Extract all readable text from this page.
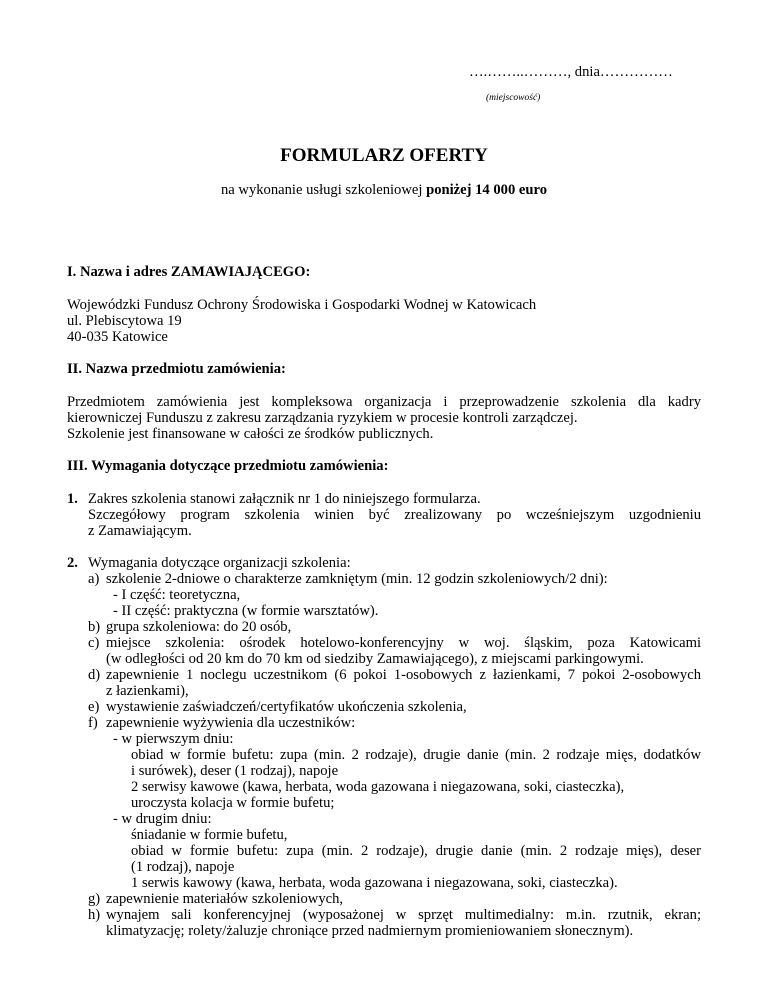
….……..………, dnia……………
(miejscowość)
FORMULARZ OFERTY
na wykonanie usługi szkoleniowej poniżej 14 000 euro
I. Nazwa i adres ZAMAWIAJĄCEGO:
Wojewódzki Fundusz Ochrony Środowiska i Gospodarki Wodnej w Katowicach
ul. Plebiscytowa 19
40-035 Katowice
II. Nazwa przedmiotu zamówienia:
Przedmiotem zamówienia jest kompleksowa organizacja i przeprowadzenie szkolenia dla kadry
kierowniczej Funduszu z zakresu zarządzania ryzykiem w procesie kontroli zarządczej.
Szkolenie jest finansowane w całości ze środków publicznych.
III. Wymagania dotyczące przedmiotu zamówienia:
1. Zakres szkolenia stanowi załącznik nr 1 do niniejszego formularza.
Szczegółowy program szkolenia winien być zrealizowany po wcześniejszym uzgodnieniu
z Zamawiającym.
2. Wymagania dotyczące organizacji szkolenia:
a) szkolenie 2-dniowe o charakterze zamkniętym (min. 12 godzin szkoleniowych/2 dni):
- I część: teoretyczna,
- II część: praktyczna (w formie warsztatów).
b) grupa szkoleniowa: do 20 osób,
c) miejsce szkolenia: ośrodek hotelowo-konferencyjny w woj. śląskim, poza Katowicami
(w odległości od 20 km do 70 km od siedziby Zamawiającego), z miejscami parkingowymi.
d) zapewnienie 1 noclegu uczestnikom (6 pokoi 1-osobowych z łazienkami, 7 pokoi 2-osobowych
z łazienkami),
e) wystawienie zaświadczeń/certyfikatów ukończenia szkolenia,
f) zapewnienie wyżywienia dla uczestników:
- w pierwszym dniu:
obiad w formie bufetu: zupa (min. 2 rodzaje), drugie danie (min. 2 rodzaje mięs, dodatków
i surówek), deser (1 rodzaj), napoje
2 serwisy kawowe (kawa, herbata, woda gazowana i niegazowana, soki, ciasteczka),
uroczysta kolacja w formie bufetu;
- w drugim dniu:
śniadanie w formie bufetu,
obiad w formie bufetu: zupa (min. 2 rodzaje), drugie danie (min. 2 rodzaje mięs), deser
(1 rodzaj), napoje
1 serwis kawowy (kawa, herbata, woda gazowana i niegazowana, soki, ciasteczka).
g) zapewnienie materiałów szkoleniowych,
h) wynajem sali konferencyjnej (wyposażonej w sprzęt multimedialny: m.in. rzutnik, ekran;
klimatyzację; rolety/żaluzje chroniące przed nadmiernym promieniowaniem słonecznym).
